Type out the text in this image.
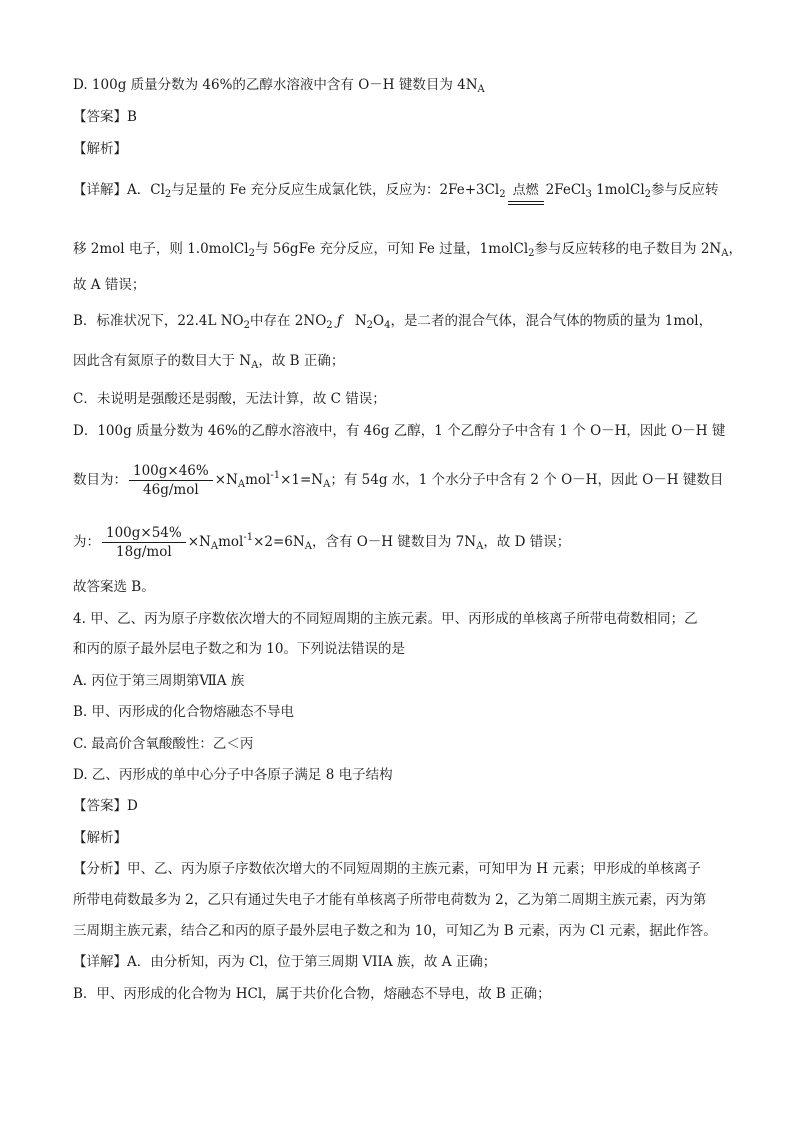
D. 100g 质量分数为 46%的乙醇水溶液中含有 O－H 键数目为 $4N_A$
【答案】B
【解析】
【详解】A．$Cl_2$与足量的 Fe 充分反应生成氯化铁，反应为：$2Fe+3Cl_2$ 点燃 2FeCl$_3$ 1molCl$_2$参与反应转
移 2mol 电子，则 1.0molCl$_2$与 56gFe 充分反应，可知 Fe 过量，1molCl$_2$参与反应转移的电子数目为 $2N_A$，
故 A 错误；
B．标准状况下，22.4L $NO_2$中存在 $2NO_2$ ƒ $N_2O_4$，是二者的混合气体，混合气体的物质的量为 1mol，
因此含有氮原子的数目大于 $N_A$，故 B 正确；
C．未说明是强酸还是弱酸，无法计算，故 C 错误；
D．100g 质量分数为 46%的乙醇水溶液中，有 46g 乙醇，1 个乙醇分子中含有 1 个 O－H，因此 O－H 键
数目为： $\frac{100g\times 46\%}{\text{46g/mol}} \times N_Amol^{-1}\times 1=N_A$；有 54g 水，1 个水分子中含有 2 个 O－H，因此 O－H 键数目
为： $\frac{100g\times 54\%}{\text{18g/mol}} \times N_Amol^{-1}\times 2=6N_A$，含有 O－H 键数目为 $7N_A$，故 D 错误；
故答案选 B。
4. 甲、乙、丙为原子序数依次增大的不同短周期的主族元素。甲、丙形成的单核离子所带电荷数相同；乙
和丙的原子最外层电子数之和为 10。下列说法错误的是
A. 丙位于第三周期第ⅦA 族
B. 甲、丙形成的化合物熔融态不导电
C. 最高价含氧酸酸性：乙＜丙
D. 乙、丙形成的单中心分子中各原子满足 8 电子结构
【答案】D
【解析】
【分析】甲、乙、丙为原子序数依次增大的不同短周期的主族元素，可知甲为 H 元素；甲形成的单核离子
所带电荷数最多为 2，乙只有通过失电子才能有单核离子所带电荷数为 2，乙为第二周期主族元素，丙为第
三周期主族元素，结合乙和丙的原子最外层电子数之和为 10，可知乙为 B 元素，丙为 Cl 元素，据此作答。
【详解】A．由分析知，丙为 Cl，位于第三周期 VIIA 族，故 A 正确；
B．甲、丙形成的化合物为 HCl，属于共价化合物，熔融态不导电，故 B 正确；
